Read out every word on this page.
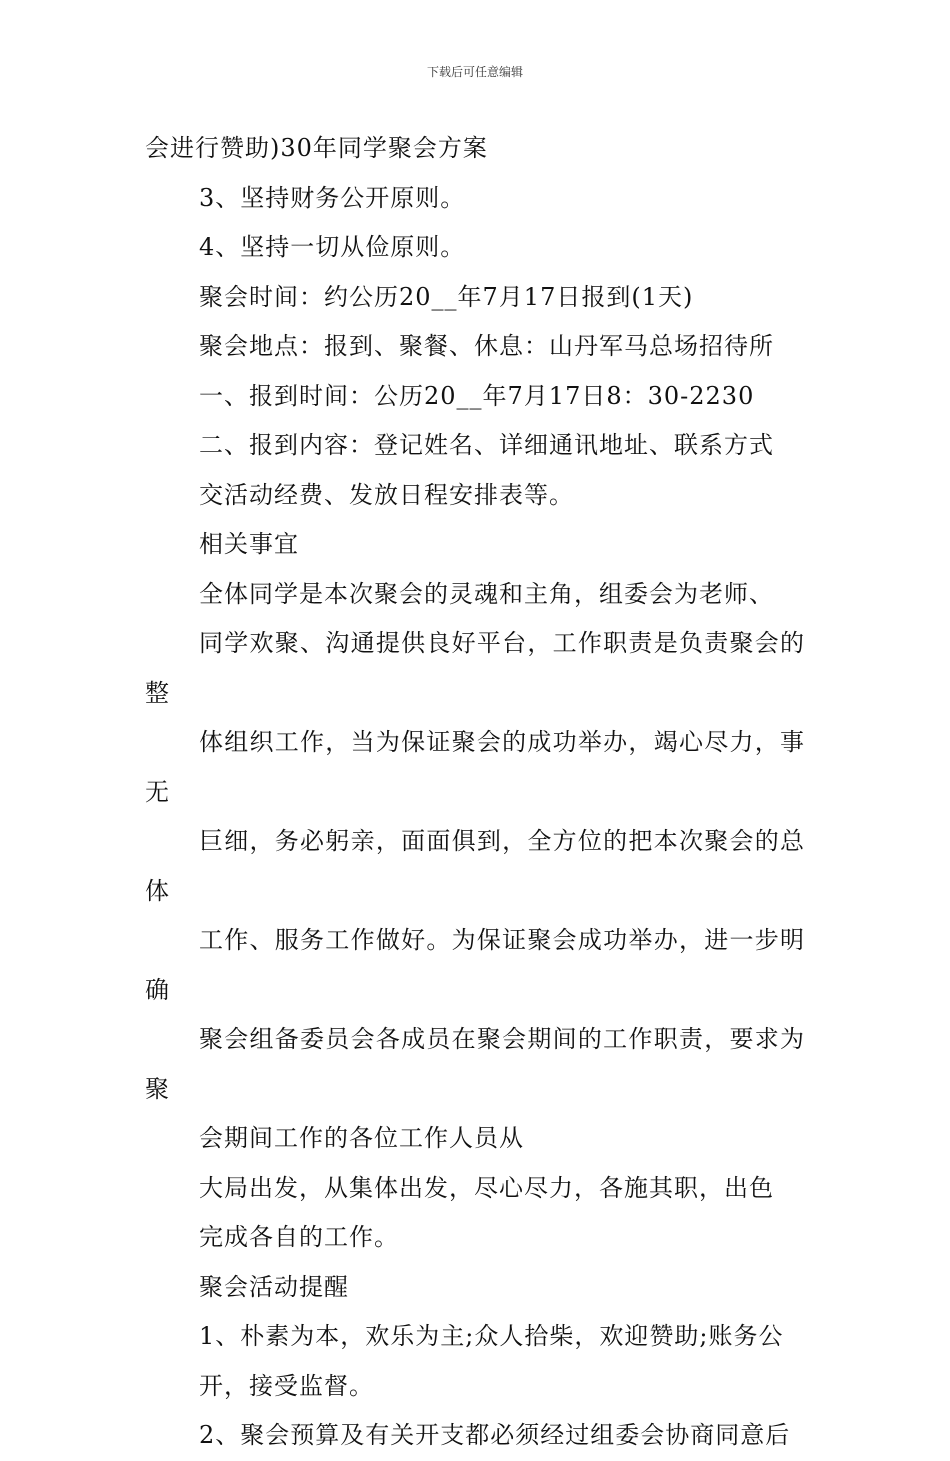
下载后可任意编辑

会进行赞助)30年同学聚会方案

3、坚持财务公开原则。

4、坚持一切从俭原则。

聚会时间：约公历20__年7月17日报到(1天)

聚会地点：报到、聚餐、休息：山丹军马总场招待所

一、报到时间：公历20__年7月17日8：30-2230

二、报到内容：登记姓名、详细通讯地址、联系方式
交活动经费、发放日程安排表等。

相关事宜

全体同学是本次聚会的灵魂和主角，组委会为老师、
同学欢聚、沟通提供良好平台，工作职责是负责聚会的整
体组织工作，当为保证聚会的成功举办，竭心尽力，事无
巨细，务必躬亲，面面俱到，全方位的把本次聚会的总体
工作、服务工作做好。为保证聚会成功举办，进一步明确
聚会组备委员会各成员在聚会期间的工作职责，要求为聚
会期间工作的各位工作人员从

大局出发，从集体出发，尽心尽力，各施其职，出色
完成各自的工作。

聚会活动提醒

1、朴素为本，欢乐为主;众人拾柴，欢迎赞助;账务公
开，接受监督。

2、聚会预算及有关开支都必须经过组委会协商同意后
